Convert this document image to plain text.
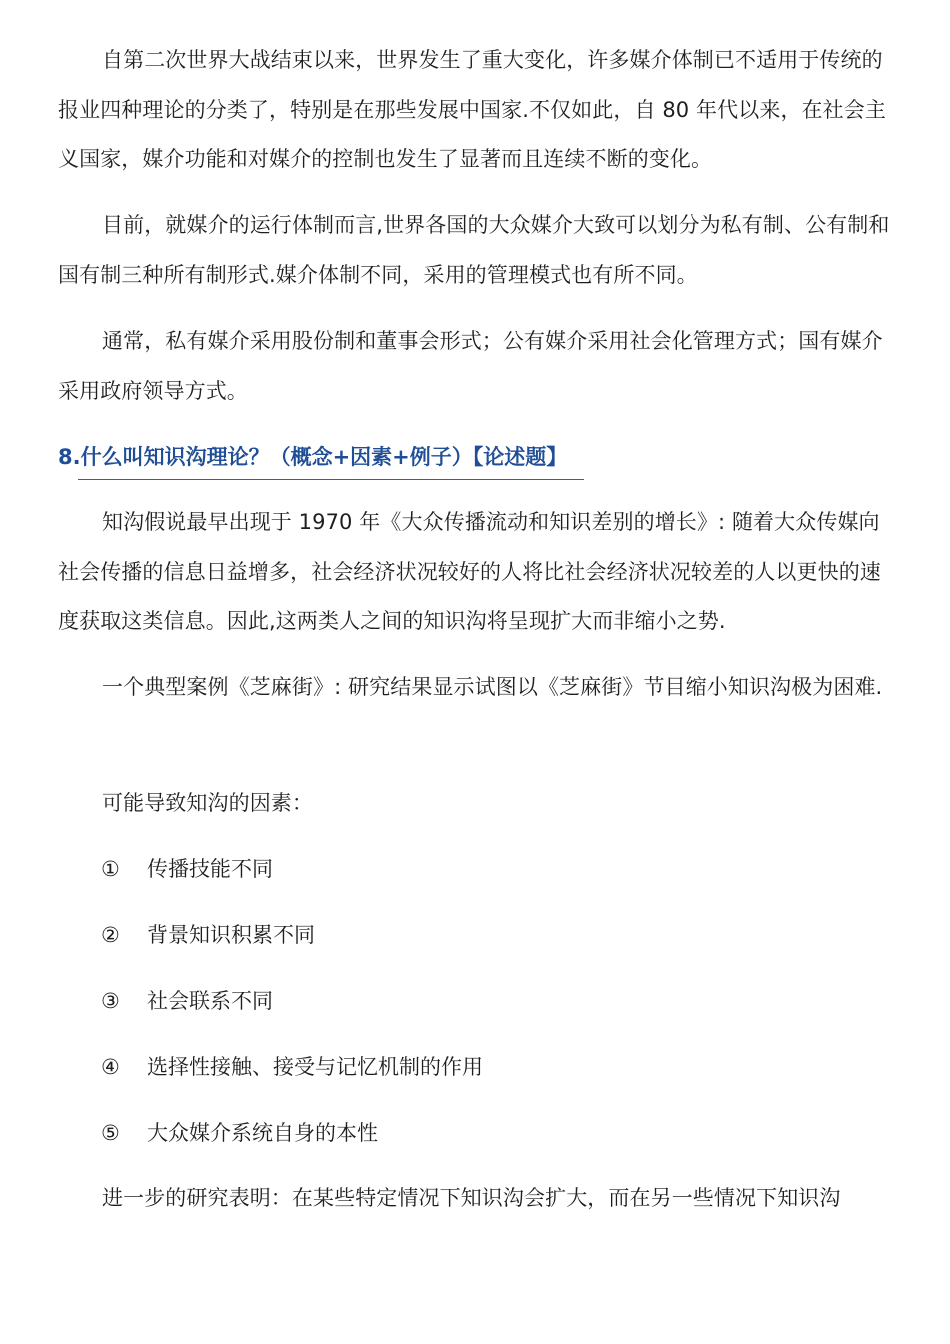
自第二次世界大战结束以来，世界发生了重大变化，许多媒介体制已不适用于传统的报业四种理论的分类了，特别是在那些发展中国家.不仅如此，自 80 年代以来，在社会主义国家，媒介功能和对媒介的控制也发生了显著而且连续不断的变化。

目前，就媒介的运行体制而言,世界各国的大众媒介大致可以划分为私有制、公有制和国有制三种所有制形式.媒介体制不同，采用的管理模式也有所不同。

通常，私有媒介采用股份制和董事会形式；公有媒介采用社会化管理方式；国有媒介采用政府领导方式。

8.什么叫知识沟理论？（概念+因素+例子）【论述题】

知沟假说最早出现于 1970 年《大众传播流动和知识差别的增长》: 随着大众传媒向社会传播的信息日益增多，社会经济状况较好的人将比社会经济状况较差的人以更快的速度获取这类信息。因此,这两类人之间的知识沟将呈现扩大而非缩小之势.

一个典型案例《芝麻街》: 研究结果显示试图以《芝麻街》节目缩小知识沟极为困难.

可能导致知沟的因素：

① 传播技能不同
② 背景知识积累不同
③ 社会联系不同
④ 选择性接触、接受与记忆机制的作用
⑤ 大众媒介系统自身的本性

进一步的研究表明：在某些特定情况下知识沟会扩大，而在另一些情况下知识沟
